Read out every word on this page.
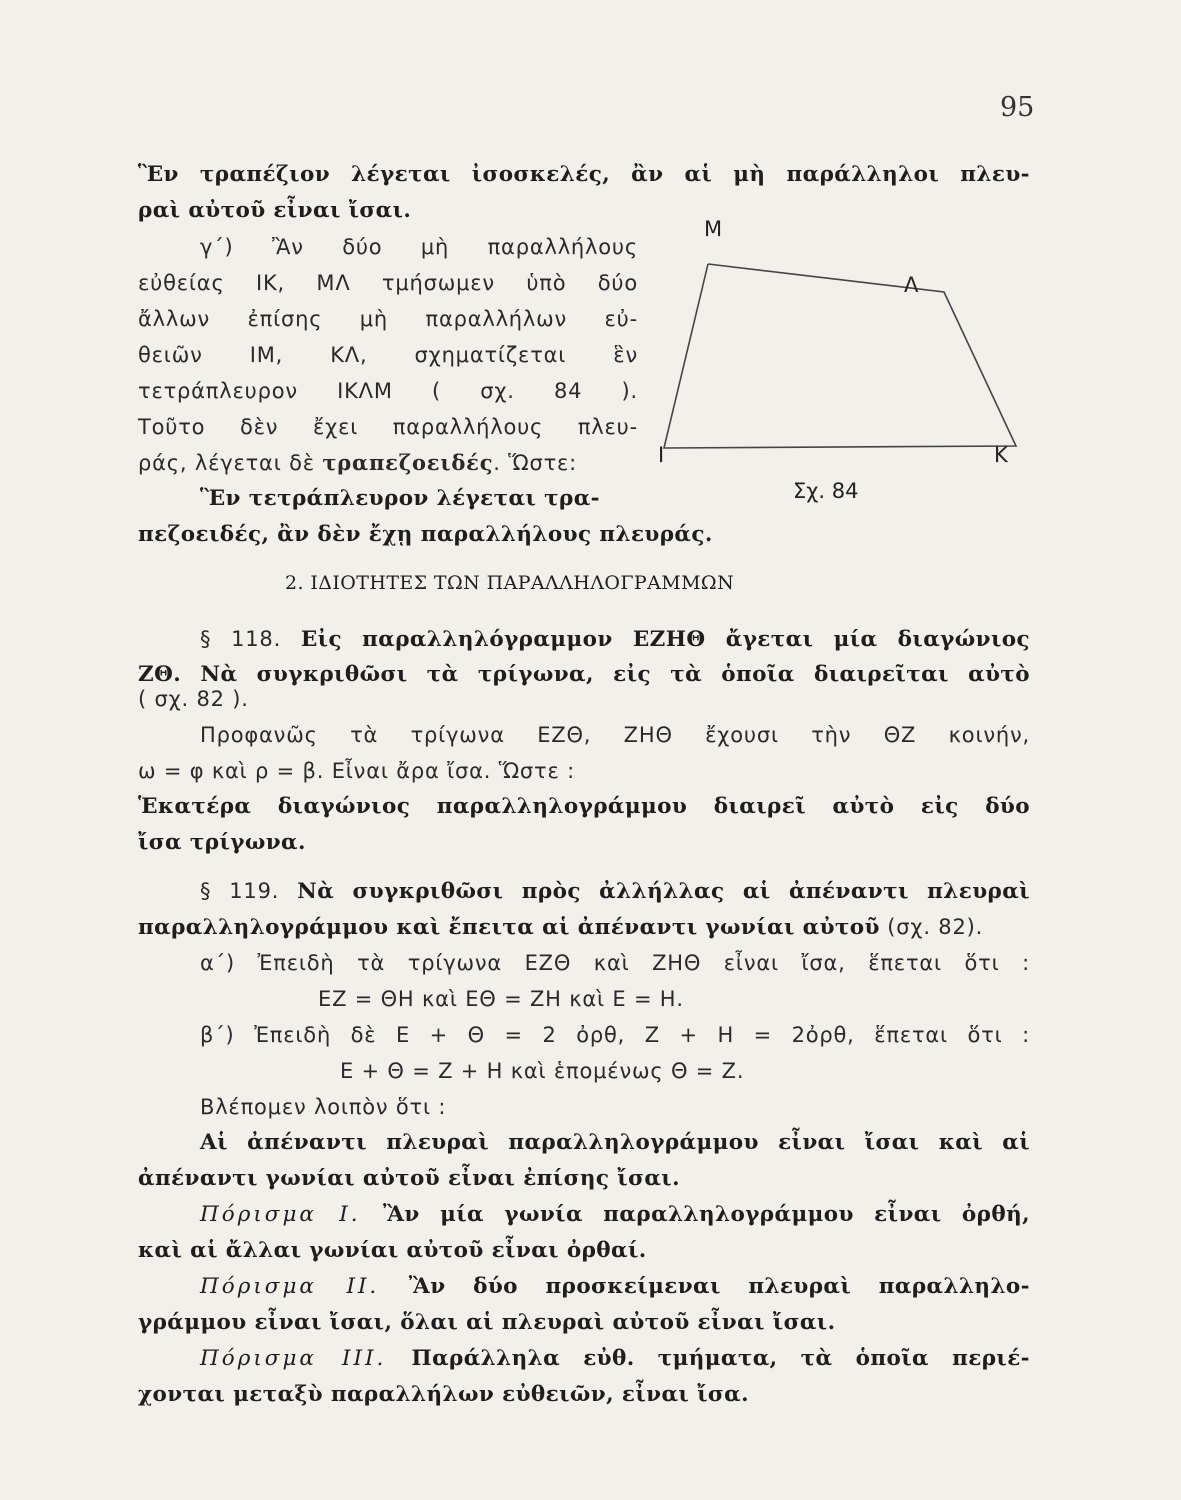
95
Ἓν τραπέζιον λέγεται ἰσοσκελές, ἂν αἱ μὴ παράλληλοι πλευ-
ραὶ αὐτοῦ εἶναι ἴσαι.
γ΄) Ἂν δύο μὴ παραλλήλους
εὐθείας ΙΚ, ΜΛ τμήσωμεν ὑπὸ δύο
ἄλλων ἐπίσης μὴ παραλλήλων εὐ-
θειῶν ΙΜ, ΚΛ, σχηματίζεται ἓν
τετράπλευρον ΙΚΛΜ ( σχ. 84 ).
Τοῦτο δὲν ἔχει παραλλήλους πλευ-
ράς, λέγεται δὲ τραπεζοειδές. Ὥστε:
Ἓν τετράπλευρον λέγεται τρα-
πεζοειδές, ἂν δὲν ἔχῃ παραλλήλους πλευράς.
Μ
Λ
Ι	Κ
Σχ. 84
2. ΙΔΙΟΤΗΤΕΣ ΤΩΝ ΠΑΡΑΛΛΗΛΟΓΡΑΜΜΩΝ
§ 118. Εἰς παραλληλόγραμμον ΕΖΗΘ ἄγεται μία διαγώνιος
ΖΘ. Νὰ συγκριθῶσι τὰ τρίγωνα, εἰς τὰ ὁποῖα διαιρεῖται αὐτὸ
( σχ. 82 ).
Προφανῶς τὰ τρίγωνα ΕΖΘ, ΖΗΘ ἔχουσι τὴν ΘΖ κοινήν,
ω = φ καὶ ρ = β. Εἶναι ἄρα ἴσα. Ὥστε :
Ἑκατέρα διαγώνιος παραλληλογράμμου διαιρεῖ αὐτὸ εἰς δύο
ἴσα τρίγωνα.
§ 119. Νὰ συγκριθῶσι πρὸς ἀλλήλλας αἱ ἀπέναντι πλευραὶ
παραλληλογράμμου καὶ ἔπειτα αἱ ἀπέναντι γωνίαι αὐτοῦ (σχ. 82).
α΄) Ἐπειδὴ τὰ τρίγωνα ΕΖΘ καὶ ΖΗΘ εἶναι ἴσα, ἕπεται ὅτι :
ΕΖ = ΘΗ καὶ ΕΘ = ΖΗ καὶ Ε = Η.
β΄) Ἐπειδὴ δὲ Ε + Θ = 2 ὀρθ, Ζ + Η = 2ὀρθ, ἕπεται ὅτι :
Ε + Θ = Ζ + Η καὶ ἑπομένως Θ = Ζ.
Βλέπομεν λοιπὸν ὅτι :
Αἱ ἀπέναντι πλευραὶ παραλληλογράμμου εἶναι ἴσαι καὶ αἱ
ἀπέναντι γωνίαι αὐτοῦ εἶναι ἐπίσης ἴσαι.
Πόρισμα I. Ἂν μία γωνία παραλληλογράμμου εἶναι ὀρθή,
καὶ αἱ ἄλλαι γωνίαι αὐτοῦ εἶναι ὀρθαί.
Πόρισμα II. Ἂν δύο προσκείμεναι πλευραὶ παραλληλο-
γράμμου εἶναι ἴσαι, ὅλαι αἱ πλευραὶ αὐτοῦ εἶναι ἴσαι.
Πόρισμα III. Παράλληλα εὐθ. τμήματα, τὰ ὁποῖα περιέ-
χονται μεταξὺ παραλλήλων εὐθειῶν, εἶναι ἴσα.
